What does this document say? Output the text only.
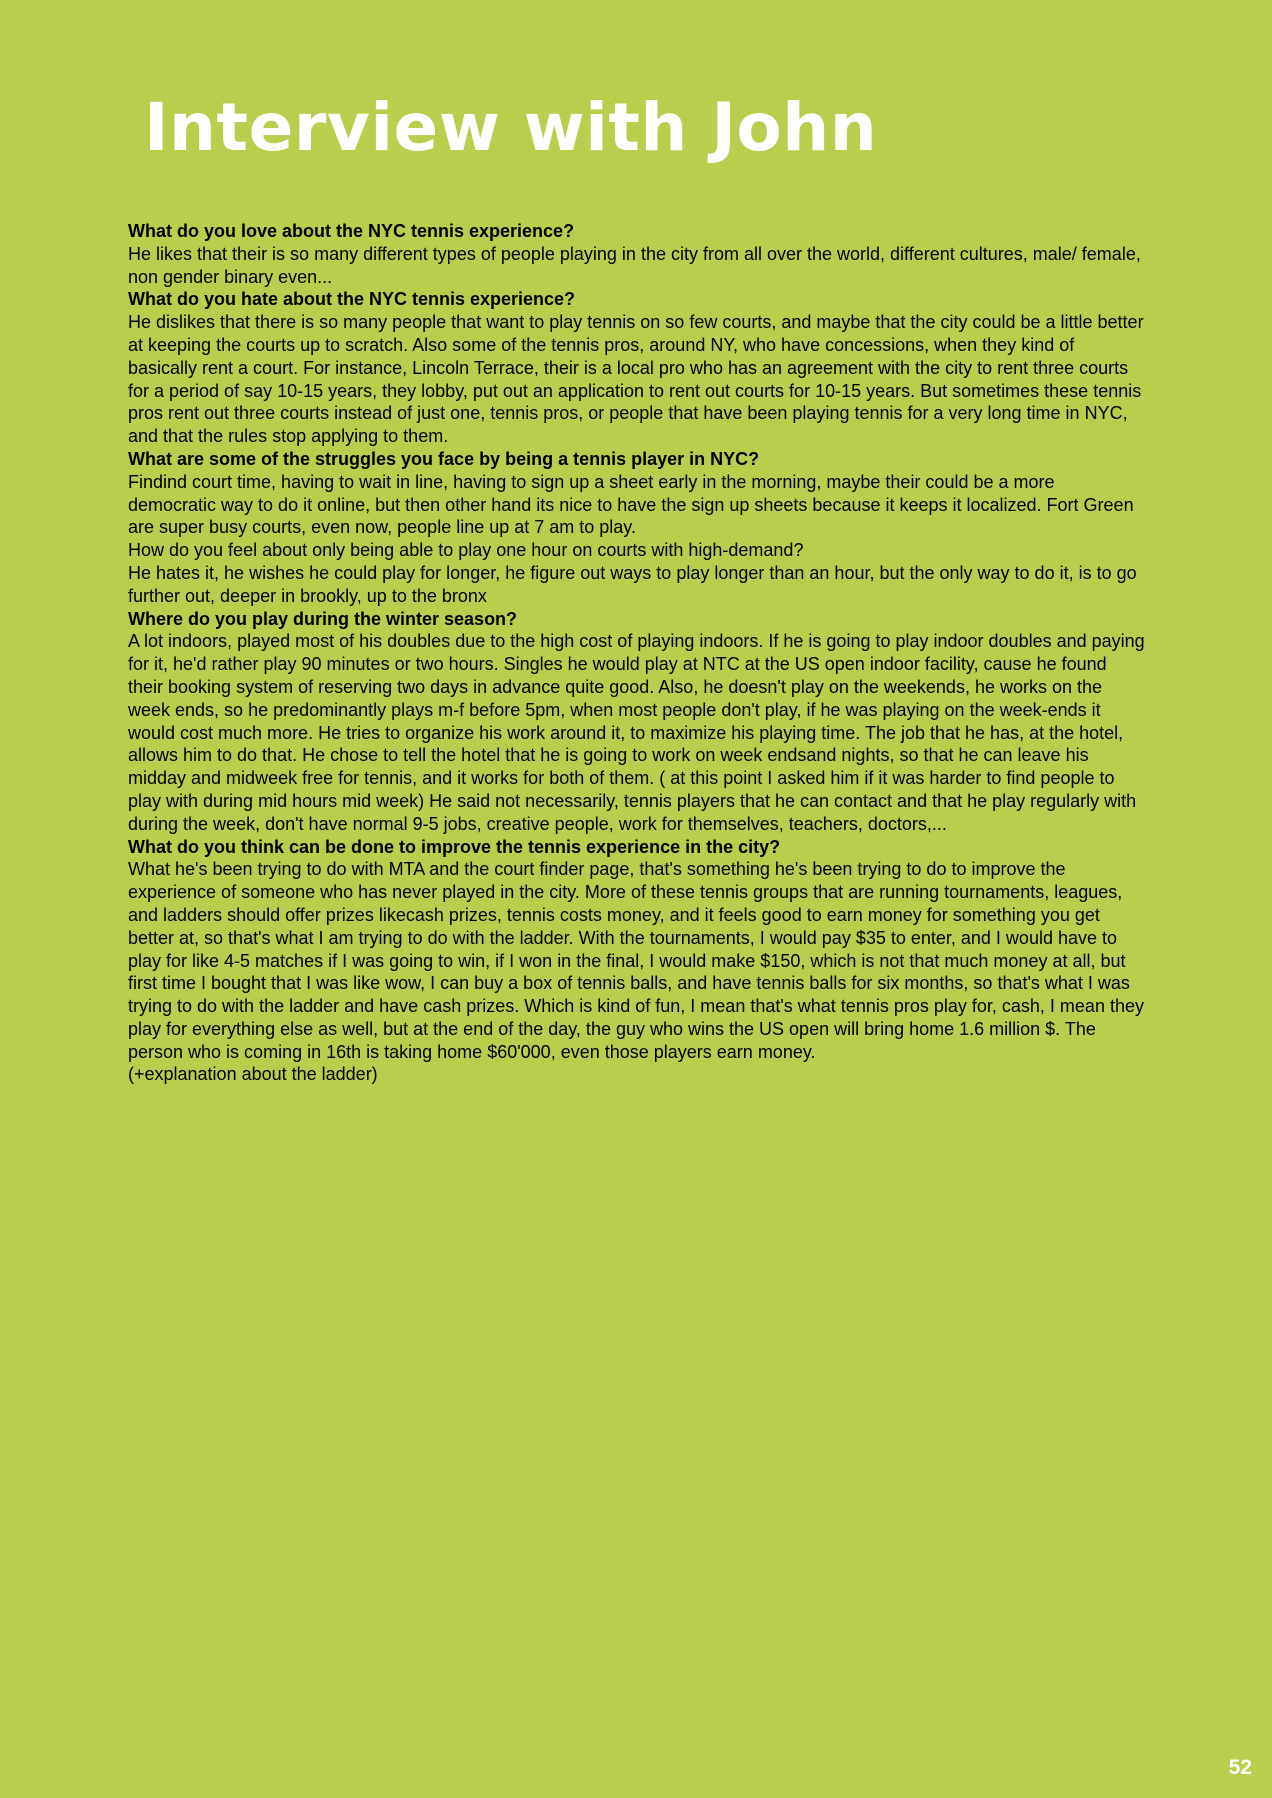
Interview with John

What do you love about the NYC tennis experience?

He likes that their is so many different types of people playing in the city from all over the world, different cultures, male/ female, non gender binary even...

What do you hate about the NYC tennis experience?

He dislikes that there is so many people that want to play tennis on so few courts, and maybe that the city could be a little better at keeping the courts up to scratch. Also some of the tennis pros, around NY, who have concessions, when they kind of basically rent a court. For instance, Lincoln Terrace, their is a local pro who has an agreement with the city to rent three courts for a period of say 10-15 years, they lobby, put out an application to rent out courts for 10-15 years. But sometimes these tennis pros rent out three courts instead of just one, tennis pros, or people that have been playing tennis for a very long time in NYC, and that the rules stop applying to them.

What are some of the struggles you face by being a tennis player in NYC?

Findind court time, having to wait in line, having to sign up a sheet early in the morning, maybe their could be a more democratic way to do it online, but then other hand its nice to have the sign up sheets because it keeps it localized. Fort Green are super busy courts, even now, people line up at 7 am to play.

How do you feel about only being able to play one hour on courts with high-demand?

He hates it, he wishes he could play for longer, he figure out ways to play longer than an hour, but the only way to do it, is to go further out, deeper in brookly, up to the bronx

Where do you play during the winter season?

A lot indoors, played most of his doubles due to the high cost of playing indoors. If he is going to play indoor doubles and paying for it, he'd rather play 90 minutes or two hours. Singles he would play at NTC at the US open indoor facility, cause he found their booking system of reserving two days in advance quite good. Also, he doesn't play on the weekends, he works on the week ends, so he predominantly plays m-f before 5pm, when most people don't play, if he was playing on the week-ends it would cost much more. He tries to organize his work around it, to maximize his playing time. The job that he has, at the hotel, allows him to do that. He chose to tell the hotel that he is going to work on week endsand nights, so that he can leave his midday and midweek free for tennis, and it works for both of them. ( at this point I asked him if it was harder to find people to play with during mid hours mid week) He said not necessarily, tennis players that he can contact and that he play regularly with during the week, don't have normal 9-5 jobs, creative people, work for themselves, teachers, doctors,...

What do you think can be done to improve the tennis experience in the city?

What he's been trying to do with MTA and the court finder page, that's something he's been trying to do to improve the experience of someone who has never played in the city. More of these tennis groups that are running tournaments, leagues, and ladders should offer prizes likecash prizes, tennis costs money, and it feels good to earn money for something you get better at, so that's what I am trying to do with the ladder. With the tournaments, I would pay $35 to enter, and I would have to play for like 4-5 matches if I was going to win, if I won in the final, I would make $150, which is not that much money at all, but first time I bought that I was like wow, I can buy a box of tennis balls, and have tennis balls for six months, so that's what I was trying to do with the ladder and have cash prizes. Which is kind of fun, I mean that's what tennis pros play for, cash, I mean they play for everything else as well, but at the end of the day, the guy who wins the US open will bring home 1.6 million $. The person who is coming in 16th is taking home $60'000, even those players earn money.

(+explanation about the ladder)

52
